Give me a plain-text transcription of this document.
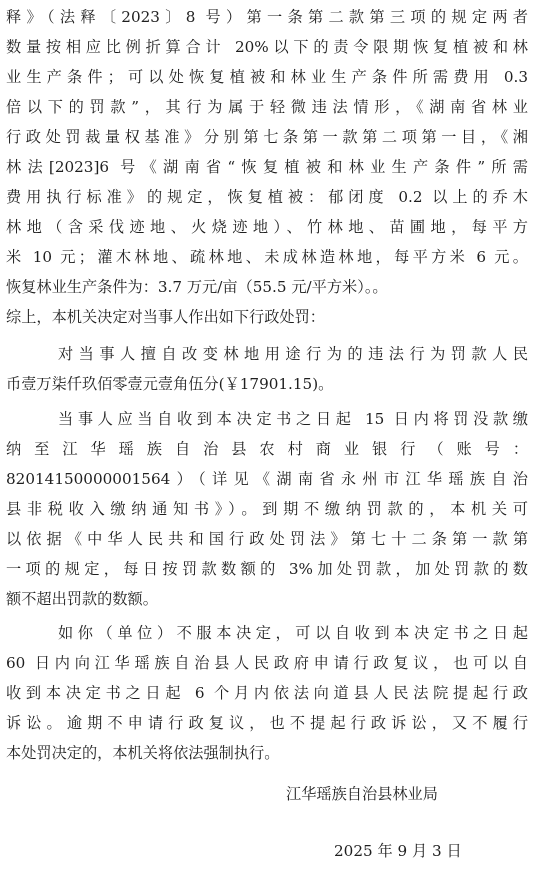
释》（法释〔2023〕8 号）第一条第二款第三项的规定两者
数量按相应比例折算合计 20%以下的责令限期恢复植被和林
业生产条件；可以处恢复植被和林业生产条件所需费用 0.3
倍以下的罚款”，其行为属于轻微违法情形，《湖南省林业
行政处罚裁量权基准》分别第七条第一款第二项第一目，《湘
林法[2023]6 号《湖南省“恢复植被和林业生产条件”所需
费用执行标准》的规定，恢复植被：郁闭度 0.2 以上的乔木
林地（含采伐迹地、火烧迹地）、竹林地、苗圃地，每平方
米 10 元；灌木林地、疏林地、未成林造林地，每平方米 6 元。
恢复林业生产条件为：3.7 万元/亩（55.5 元/平方米）。。
综上，本机关决定对当事人作出如下行政处罚：
对当事人擅自改变林地用途行为的违法行为罚款人民
币壹万柒仟玖佰零壹元壹角伍分(￥17901.15)。
当事人应当自收到本决定书之日起 15 日内将罚没款缴
纳至江华瑶族自治县农村商业银行（账号：
82014150000001564）（详见《湖南省永州市江华瑶族自治
县非税收入缴纳通知书》）。到期不缴纳罚款的，本机关可
以依据《中华人民共和国行政处罚法》第七十二条第一款第
一项的规定，每日按罚款数额的 3%加处罚款，加处罚款的数
额不超出罚款的数额。
如你（单位）不服本决定，可以自收到本决定书之日起
60 日内向江华瑶族自治县人民政府申请行政复议，也可以自
收到本决定书之日起 6 个月内依法向道县人民法院提起行政
诉讼。逾期不申请行政复议，也不提起行政诉讼，又不履行
本处罚决定的，本机关将依法强制执行。
江华瑶族自治县林业局
2025 年 9 月 3 日
